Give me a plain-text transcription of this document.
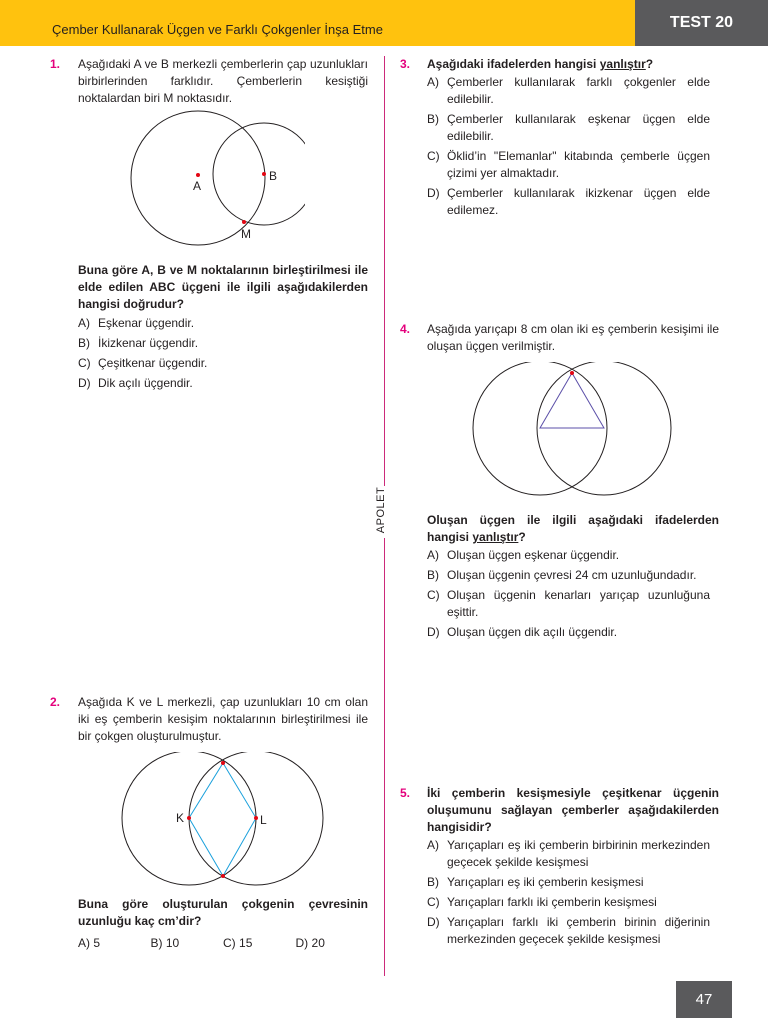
Çember Kullanarak Üçgen ve Farklı Çokgenler İnşa Etme	TEST 20
APOLET
1. Aşağıdaki A ve B merkezli çemberlerin çap uzunlukları birbirlerinden farklıdır. Çemberlerin kesiştiği noktalardan biri M noktasıdır.
A
B
M
Buna göre A, B ve M noktalarının birleştirilmesi ile elde edilen ABC üçgeni ile ilgili aşağıdakilerden hangisi doğrudur?
A) Eşkenar üçgendir.
B) İkizkenar üçgendir.
C) Çeşitkenar üçgendir.
D) Dik açılı üçgendir.
2. Aşağıda K ve L merkezli, çap uzunlukları 10 cm olan iki eş çemberin kesişim noktalarının birleştirilmesi ile bir çokgen oluşturulmuştur.
K	L
Buna göre oluşturulan çokgenin çevresinin uzunluğu kaç cm’dir?
A) 5	B) 10	C) 15	D) 20
3. Aşağıdaki ifadelerden hangisi yanlıştır?
A) Çemberler kullanılarak farklı çokgenler elde edilebilir.
B) Çemberler kullanılarak eşkenar üçgen elde edilebilir.
C) Öklid’in "Elemanlar" kitabında çemberle üçgen çizimi yer almaktadır.
D) Çemberler kullanılarak ikizkenar üçgen elde edilemez.
4. Aşağıda yarıçapı 8 cm olan iki eş çemberin kesişimi ile oluşan üçgen verilmiştir.
Oluşan üçgen ile ilgili aşağıdaki ifadelerden hangisi yanlıştır?
A) Oluşan üçgen eşkenar üçgendir.
B) Oluşan üçgenin çevresi 24 cm uzunluğundadır.
C) Oluşan üçgenin kenarları yarıçap uzunluğuna eşittir.
D) Oluşan üçgen dik açılı üçgendir.
5. İki çemberin kesişmesiyle çeşitkenar üçgenin oluşumunu sağlayan çemberler aşağıdakilerden hangisidir?
A) Yarıçapları eş iki çemberin birbirinin merkezinden geçecek şekilde kesişmesi
B) Yarıçapları eş iki çemberin kesişmesi
C) Yarıçapları farklı iki çemberin kesişmesi
D) Yarıçapları farklı iki çemberin birinin diğerinin merkezinden geçecek şekilde kesişmesi
47
